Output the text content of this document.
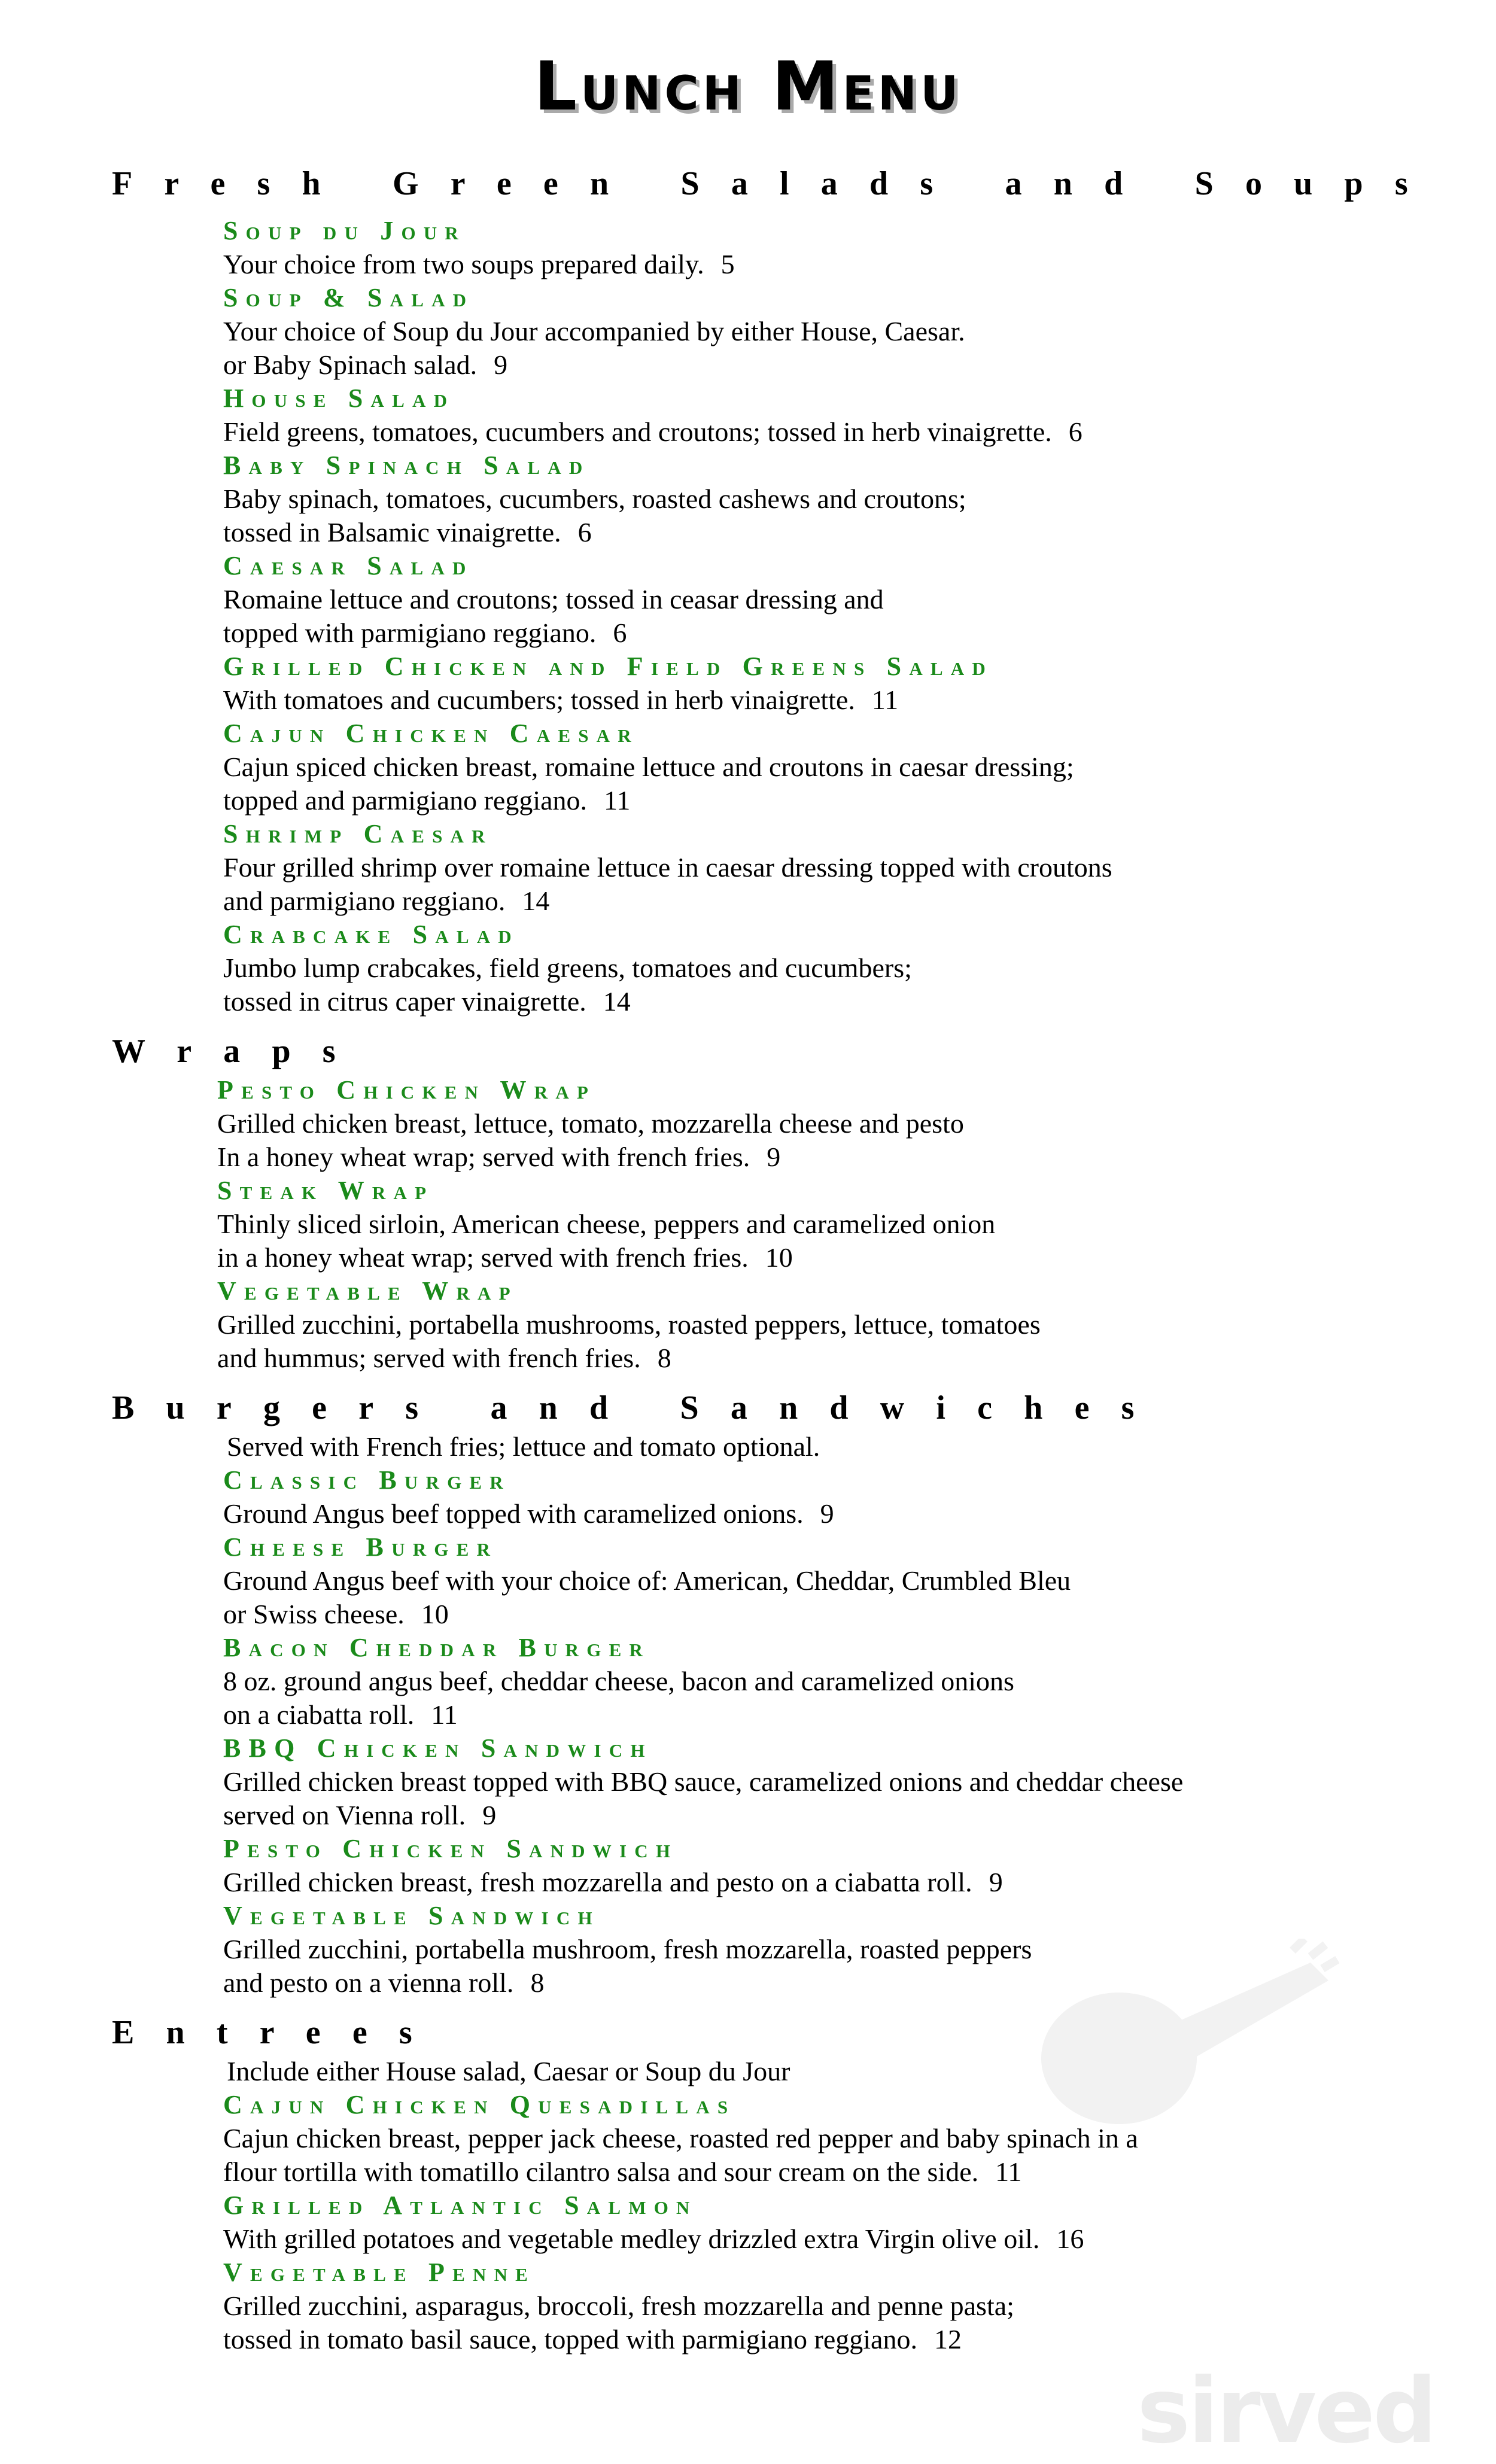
Lunch Menu
Fresh Green Salads and Soups
Soup du Jour
Your choice from two soups prepared daily. 5
Soup & Salad
Your choice of Soup du Jour accompanied by either House, Caesar.
or Baby Spinach salad. 9
House Salad
Field greens, tomatoes, cucumbers and croutons; tossed in herb vinaigrette. 6
Baby Spinach Salad
Baby spinach, tomatoes, cucumbers, roasted cashews and croutons;
tossed in Balsamic vinaigrette. 6
Caesar Salad
Romaine lettuce and croutons; tossed in ceasar dressing and
topped with parmigiano reggiano. 6
Grilled Chicken and Field Greens Salad
With tomatoes and cucumbers; tossed in herb vinaigrette. 11
Cajun Chicken Caesar
Cajun spiced chicken breast, romaine lettuce and croutons in caesar dressing;
topped and parmigiano reggiano. 11
Shrimp Caesar
Four grilled shrimp over romaine lettuce in caesar dressing topped with croutons
and parmigiano reggiano. 14
Crabcake Salad
Jumbo lump crabcakes, field greens, tomatoes and cucumbers;
tossed in citrus caper vinaigrette. 14
Wraps
Pesto Chicken Wrap
Grilled chicken breast, lettuce, tomato, mozzarella cheese and pesto
In a honey wheat wrap; served with french fries. 9
Steak Wrap
Thinly sliced sirloin, American cheese, peppers and caramelized onion
in a honey wheat wrap; served with french fries. 10
Vegetable Wrap
Grilled zucchini, portabella mushrooms, roasted peppers, lettuce, tomatoes
and hummus; served with french fries. 8
Burgers and Sandwiches
Served with French fries; lettuce and tomato optional.
Classic Burger
Ground Angus beef topped with caramelized onions. 9
Cheese Burger
Ground Angus beef with your choice of: American, Cheddar, Crumbled Bleu
or Swiss cheese. 10
Bacon Cheddar Burger
8 oz. ground angus beef, cheddar cheese, bacon and caramelized onions
on a ciabatta roll. 11
BBQ Chicken Sandwich
Grilled chicken breast topped with BBQ sauce, caramelized onions and cheddar cheese
served on Vienna roll. 9
Pesto Chicken Sandwich
Grilled chicken breast, fresh mozzarella and pesto on a ciabatta roll. 9
Vegetable Sandwich
Grilled zucchini, portabella mushroom, fresh mozzarella, roasted peppers
and pesto on a vienna roll. 8
Entrees
Include either House salad, Caesar or Soup du Jour
Cajun Chicken Quesadillas
Cajun chicken breast, pepper jack cheese, roasted red pepper and baby spinach in a
flour tortilla with tomatillo cilantro salsa and sour cream on the side. 11
Grilled Atlantic Salmon
With grilled potatoes and vegetable medley drizzled extra Virgin olive oil. 16
Vegetable Penne
Grilled zucchini, asparagus, broccoli, fresh mozzarella and penne pasta;
tossed in tomato basil sauce, topped with parmigiano reggiano. 12
sirved
